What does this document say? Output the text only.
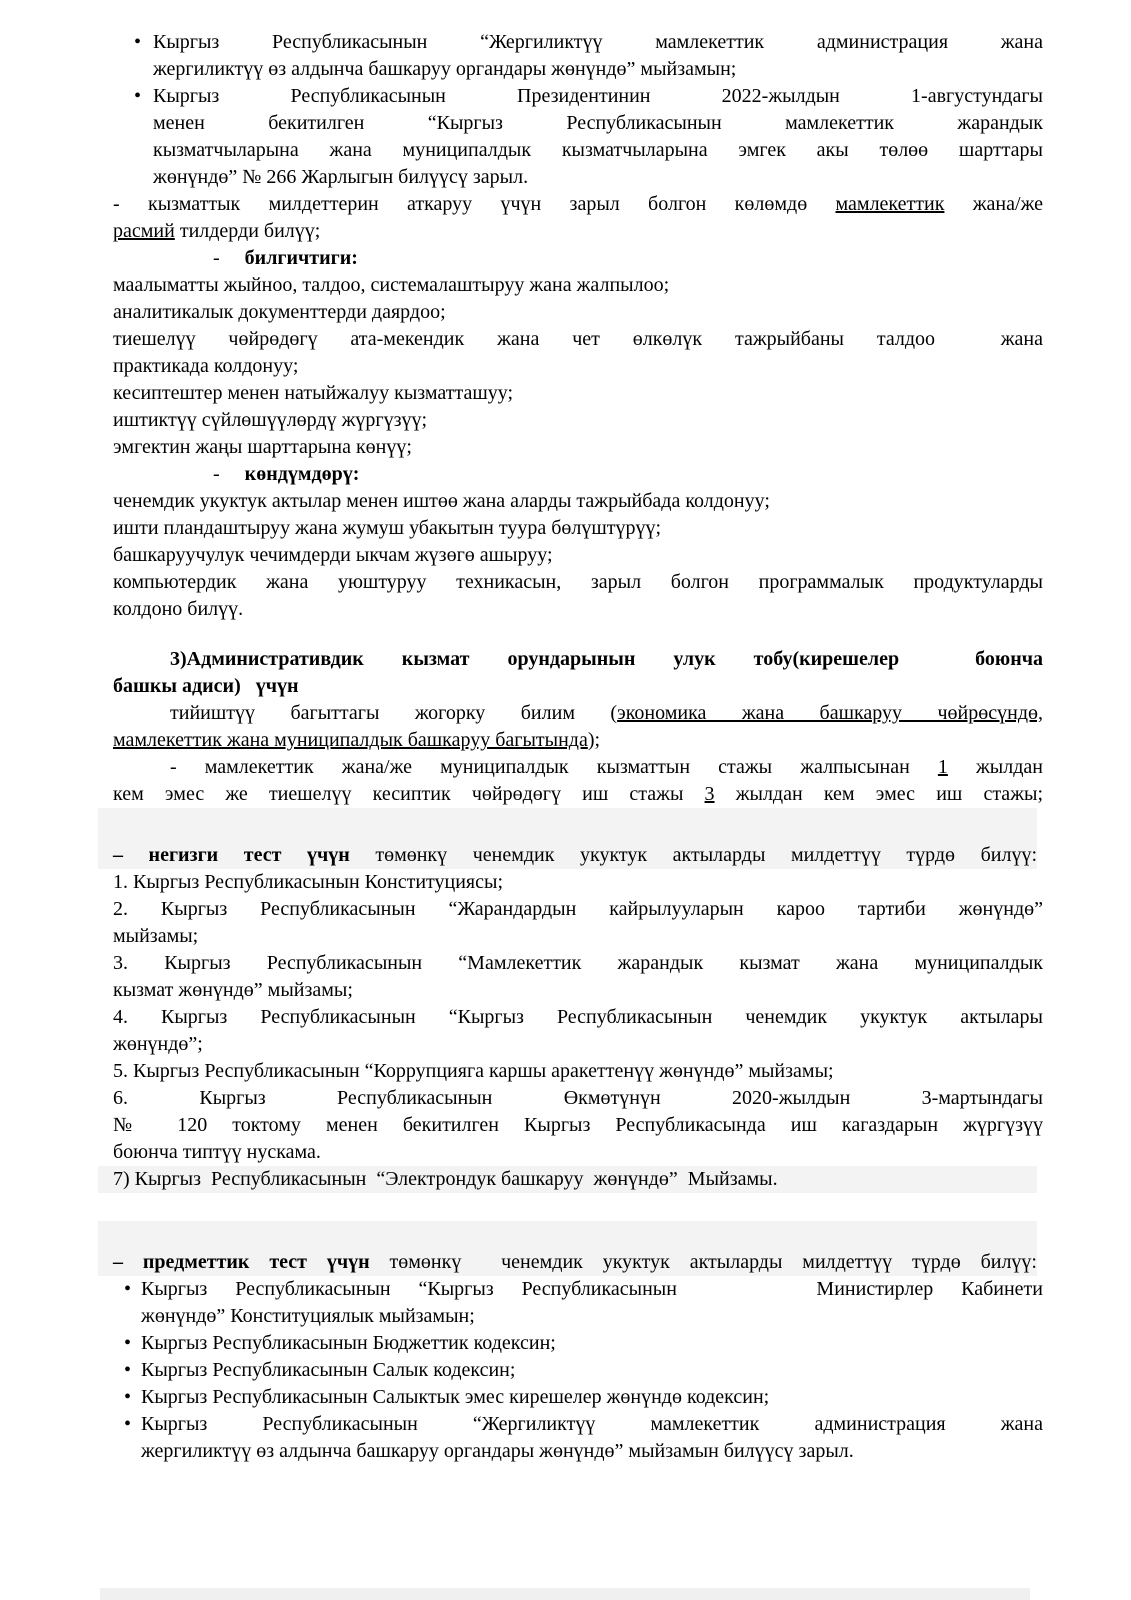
• Кыргыз Республикасынын “Жергиликтүү мамлекеттик администрация жана
жергиликтүү өз алдынча башкаруу органдары жөнүндө” мыйзамын;
• Кыргыз Республикасынын Президентинин 2022-жылдын 1-августундагы
менен бекитилген “Кыргыз Республикасынын мамлекеттик жарандык
кызматчыларына жана муниципалдык кызматчыларына эмгек акы төлөө шарттары
жөнүндө” № 266 Жарлыгын билүүсү зарыл.
- кызматтык милдеттерин аткаруу үчүн зарыл болгон көлөмдө мамлекеттик жана/же
расмий тилдерди билүү;
-     билгичтиги:
маалыматты жыйноо, талдоо, системалаштыруу жана жалпылоо;
аналитикалык документтерди даярдоо;
тиешелүү чөйрөдөгү ата-мекендик жана чет өлкөлүк тажрыйбаны талдоо  жана
практикада колдонуу;
кесиптештер менен натыйжалуу кызматташуу;
иштиктүү сүйлөшүүлөрдү жүргүзүү;
эмгектин жаңы шарттарына көнүү;
-     көндүмдөрү:
ченемдик укуктук актылар менен иштөө жана аларды тажрыйбада колдонуу;
ишти пландаштыруу жана жумуш убакытын туура бөлүштүрүү;
башкаруучулук чечимдерди ыкчам жүзөгө ашыруу;
компьютердик жана уюштуруу техникасын, зарыл болгон программалык продуктуларды
колдоно билүү.
3)Административдик кызмат орундарынын улук тобу(кирешелер  боюнча
башкы адиси)   үчүн
тийиштүү багыттагы жогорку билим (экономика жана башкаруу чөйрөсүндө,
мамлекеттик жана муниципалдык башкаруу багытында);
- мамлекеттик жана/же муниципалдык кызматтын стажы жалпысынан 1 жылдан
кем эмес же тиешелүү кесиптик чөйрөдөгү иш стажы 3 жылдан кем эмес иш стажы;
– негизги тест үчүн төмөнкү ченемдик укуктук актыларды милдеттүү түрдө билүү:
1. Кыргыз Республикасынын Конституциясы;
2. Кыргыз Республикасынын “Жарандардын кайрылууларын кароо тартиби жөнүндө”
мыйзамы;
3. Кыргыз Республикасынын “Мамлекеттик жарандык кызмат жана муниципалдык
кызмат жөнүндө” мыйзамы;
4. Кыргыз Республикасынын “Кыргыз Республикасынын ченемдик укуктук актылары
жөнүндө”;
5. Кыргыз Республикасынын “Коррупцияга каршы аракеттенүү жөнүндө” мыйзамы;
6. Кыргыз Республикасынын Өкмөтүнүн 2020-жылдын 3-мартындагы
№ 120 токтому менен бекитилген Кыргыз Республикасында иш кагаздарын жүргүзүү
боюнча типтүү нускама.
7) Кыргыз  Республикасынын  “Электрондук башкаруу  жөнүндө”  Мыйзамы.
– предметтик тест үчүн төмөнкү  ченемдик укуктук актыларды милдеттүү түрдө билүү:
• Кыргыз Республикасынын “Кыргыз Республикасынын     Министирлер Кабинети
жөнүндө” Конституциялык мыйзамын;
• Кыргыз Республикасынын Бюджеттик кодексин;
• Кыргыз Республикасынын Салык кодексин;
• Кыргыз Республикасынын Салыктык эмес кирешелер жөнүндө кодексин;
• Кыргыз Республикасынын “Жергиликтүү мамлекеттик администрация жана
жергиликтүү өз алдынча башкаруу органдары жөнүндө” мыйзамын билүүсү зарыл.
